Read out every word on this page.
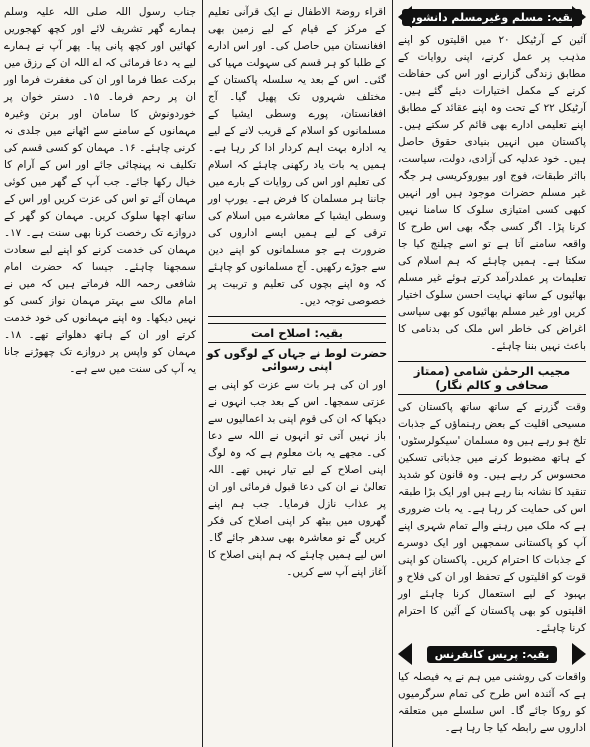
بقیہ: مسلم وغیرمسلم دانشور

آئین کے آرٹیکل ۲۰ میں اقلیتوں کو اپنے مذہب پر عمل کرنے، اپنی روایات کے مطابق زندگی گزارنے اور اس کی حفاظت کرنے کے مکمل اختیارات دیئے گئے ہیں۔ آرٹیکل ۲۲ کے تحت وہ اپنے عقائد کے مطابق اپنے تعلیمی ادارے بھی قائم کر سکتے ہیں۔ پاکستان میں انہیں بنیادی حقوق حاصل ہیں۔ خود عدلیہ کی آزادی، دولت، سیاست، بااثر طبقات، فوج اور بیوروکریسی ہر جگہ غیر مسلم حضرات موجود ہیں اور انہیں کبھی کسی امتیازی سلوک کا سامنا نہیں کرنا پڑا۔ اگر کسی جگہ بھی اس طرح کا واقعہ سامنے آتا ہے تو اسے چیلنج کیا جا سکتا ہے۔ ہمیں چاہئے کہ ہم اسلام کی تعلیمات پر عملدرآمد کرتے ہوئے غیر مسلم بھائیوں کے ساتھ نہایت احسن سلوک اختیار کریں اور غیر مسلم بھائیوں کو بھی سیاسی اغراض کی خاطر اس ملک کی بدنامی کا باعث نہیں بننا چاہئے۔

مجیب الرحمٰن شامی (ممتاز صحافی و کالم نگار)

وقت گزرنے کے ساتھ ساتھ پاکستان کی مسیحی اقلیت کے بعض رہنماؤں کے جذبات تلخ ہو رہے ہیں وہ مسلمان 'سیکولرسٹوں' کے ہاتھ مضبوط کرنے میں جذباتی تسکین محسوس کر رہے ہیں۔ وہ قانون کو شدید تنقید کا نشانہ بنا رہے ہیں اور ایک بڑا طبقہ اس کی حمایت کر رہا ہے۔ یہ بات ضروری ہے کہ ملک میں رہنے والے تمام شہری اپنے آپ کو پاکستانی سمجھیں اور ایک دوسرے کے جذبات کا احترام کریں۔ پاکستان کو اپنی قوت کو اقلیتوں کے تحفظ اور ان کی فلاح و بہبود کے لیے استعمال کرنا چاہئے اور اقلیتوں کو بھی پاکستان کے آئین کا احترام کرنا چاہئے۔

بقیہ: پریس کانفرنس

واقعات کی روشنی میں ہم نے یہ فیصلہ کیا ہے کہ آئندہ اس طرح کی تمام سرگرمیوں کو روکا جائے گا۔ اس سلسلے میں متعلقہ اداروں سے رابطہ کیا جا رہا ہے۔

اقراء روضۃ الاطفال نے ایک قرآنی تعلیم کے مرکز کے قیام کے لیے زمین بھی افغانستان میں حاصل کی۔ اور اس ادارے کے طلبا کو ہر قسم کی سہولت مہیا کی گئی۔ اس کے بعد یہ سلسلہ پاکستان کے مختلف شہروں تک پھیل گیا۔ آج افغانستان، پورے وسطی ایشیا کے مسلمانوں کو اسلام کے قریب لانے کے لیے یہ ادارہ بہت اہم کردار ادا کر رہا ہے۔ ہمیں یہ بات یاد رکھنی چاہئے کہ اسلام کی تعلیم اور اس کی روایات کے بارے میں جاننا ہر مسلمان کا فرض ہے۔ یورپ اور وسطی ایشیا کے معاشرے میں اسلام کی ترقی کے لیے ہمیں ایسے اداروں کی ضرورت ہے جو مسلمانوں کو اپنے دین سے جوڑے رکھیں۔ آج مسلمانوں کو چاہئے کہ وہ اپنے بچوں کی تعلیم و تربیت پر خصوصی توجہ دیں۔

بقیہ: اصلاح امت
حضرت لوط نے جہاں کے لوگوں کو اپنی رسوائی

اور ان کی ہر بات سے عزت کو اپنی بے عزتی سمجھا۔ اس کے بعد جب انہوں نے دیکھا کہ ان کی قوم اپنی بد اعمالیوں سے باز نہیں آتی تو انہوں نے اللہ سے دعا کی۔ مجھے یہ بات معلوم ہے کہ وہ لوگ اپنی اصلاح کے لیے تیار نہیں تھے۔ اللہ تعالیٰ نے ان کی دعا قبول فرمائی اور ان پر عذاب نازل فرمایا۔ جب ہم اپنے گھروں میں بیٹھ کر اپنی اصلاح کی فکر کریں گے تو معاشرہ بھی سدھر جائے گا۔ اس لیے ہمیں چاہئے کہ ہم اپنی اصلاح کا آغاز اپنے آپ سے کریں۔

جناب رسول اللہ صلی اللہ علیہ وسلم ہمارے گھر تشریف لائے اور کچھ کھجوریں کھائیں اور کچھ پانی پیا۔ پھر آپ نے ہمارے لیے یہ دعا فرمائی کہ اے اللہ ان کے رزق میں برکت عطا فرما اور ان کی مغفرت فرما اور ان پر رحم فرما۔ ۱۵۔ دستر خوان پر خوردونوش کا سامان اور برتن وغیرہ مہمانوں کے سامنے سے اٹھانے میں جلدی نہ کرنی چاہئے۔ ۱۶۔ مہمان کو کسی قسم کی تکلیف نہ پہنچائی جائے اور اس کے آرام کا خیال رکھا جائے۔ جب آپ کے گھر میں کوئی مہمان آئے تو اس کی عزت کریں اور اس کے ساتھ اچھا سلوک کریں۔ مہمان کو گھر کے دروازے تک رخصت کرنا بھی سنت ہے۔ ۱۷۔ مہمان کی خدمت کرنے کو اپنے لیے سعادت سمجھنا چاہئے۔ جیسا کہ حضرت امام شافعی رحمہ اللہ فرماتے ہیں کہ میں نے امام مالک سے بہتر مہمان نواز کسی کو نہیں دیکھا۔ وہ اپنے مہمانوں کی خود خدمت کرتے اور ان کے ہاتھ دھلواتے تھے۔ ۱۸۔ مہمان کو واپس پر دروازے تک چھوڑنے جانا یہ آپ کی سنت میں سے ہے۔
